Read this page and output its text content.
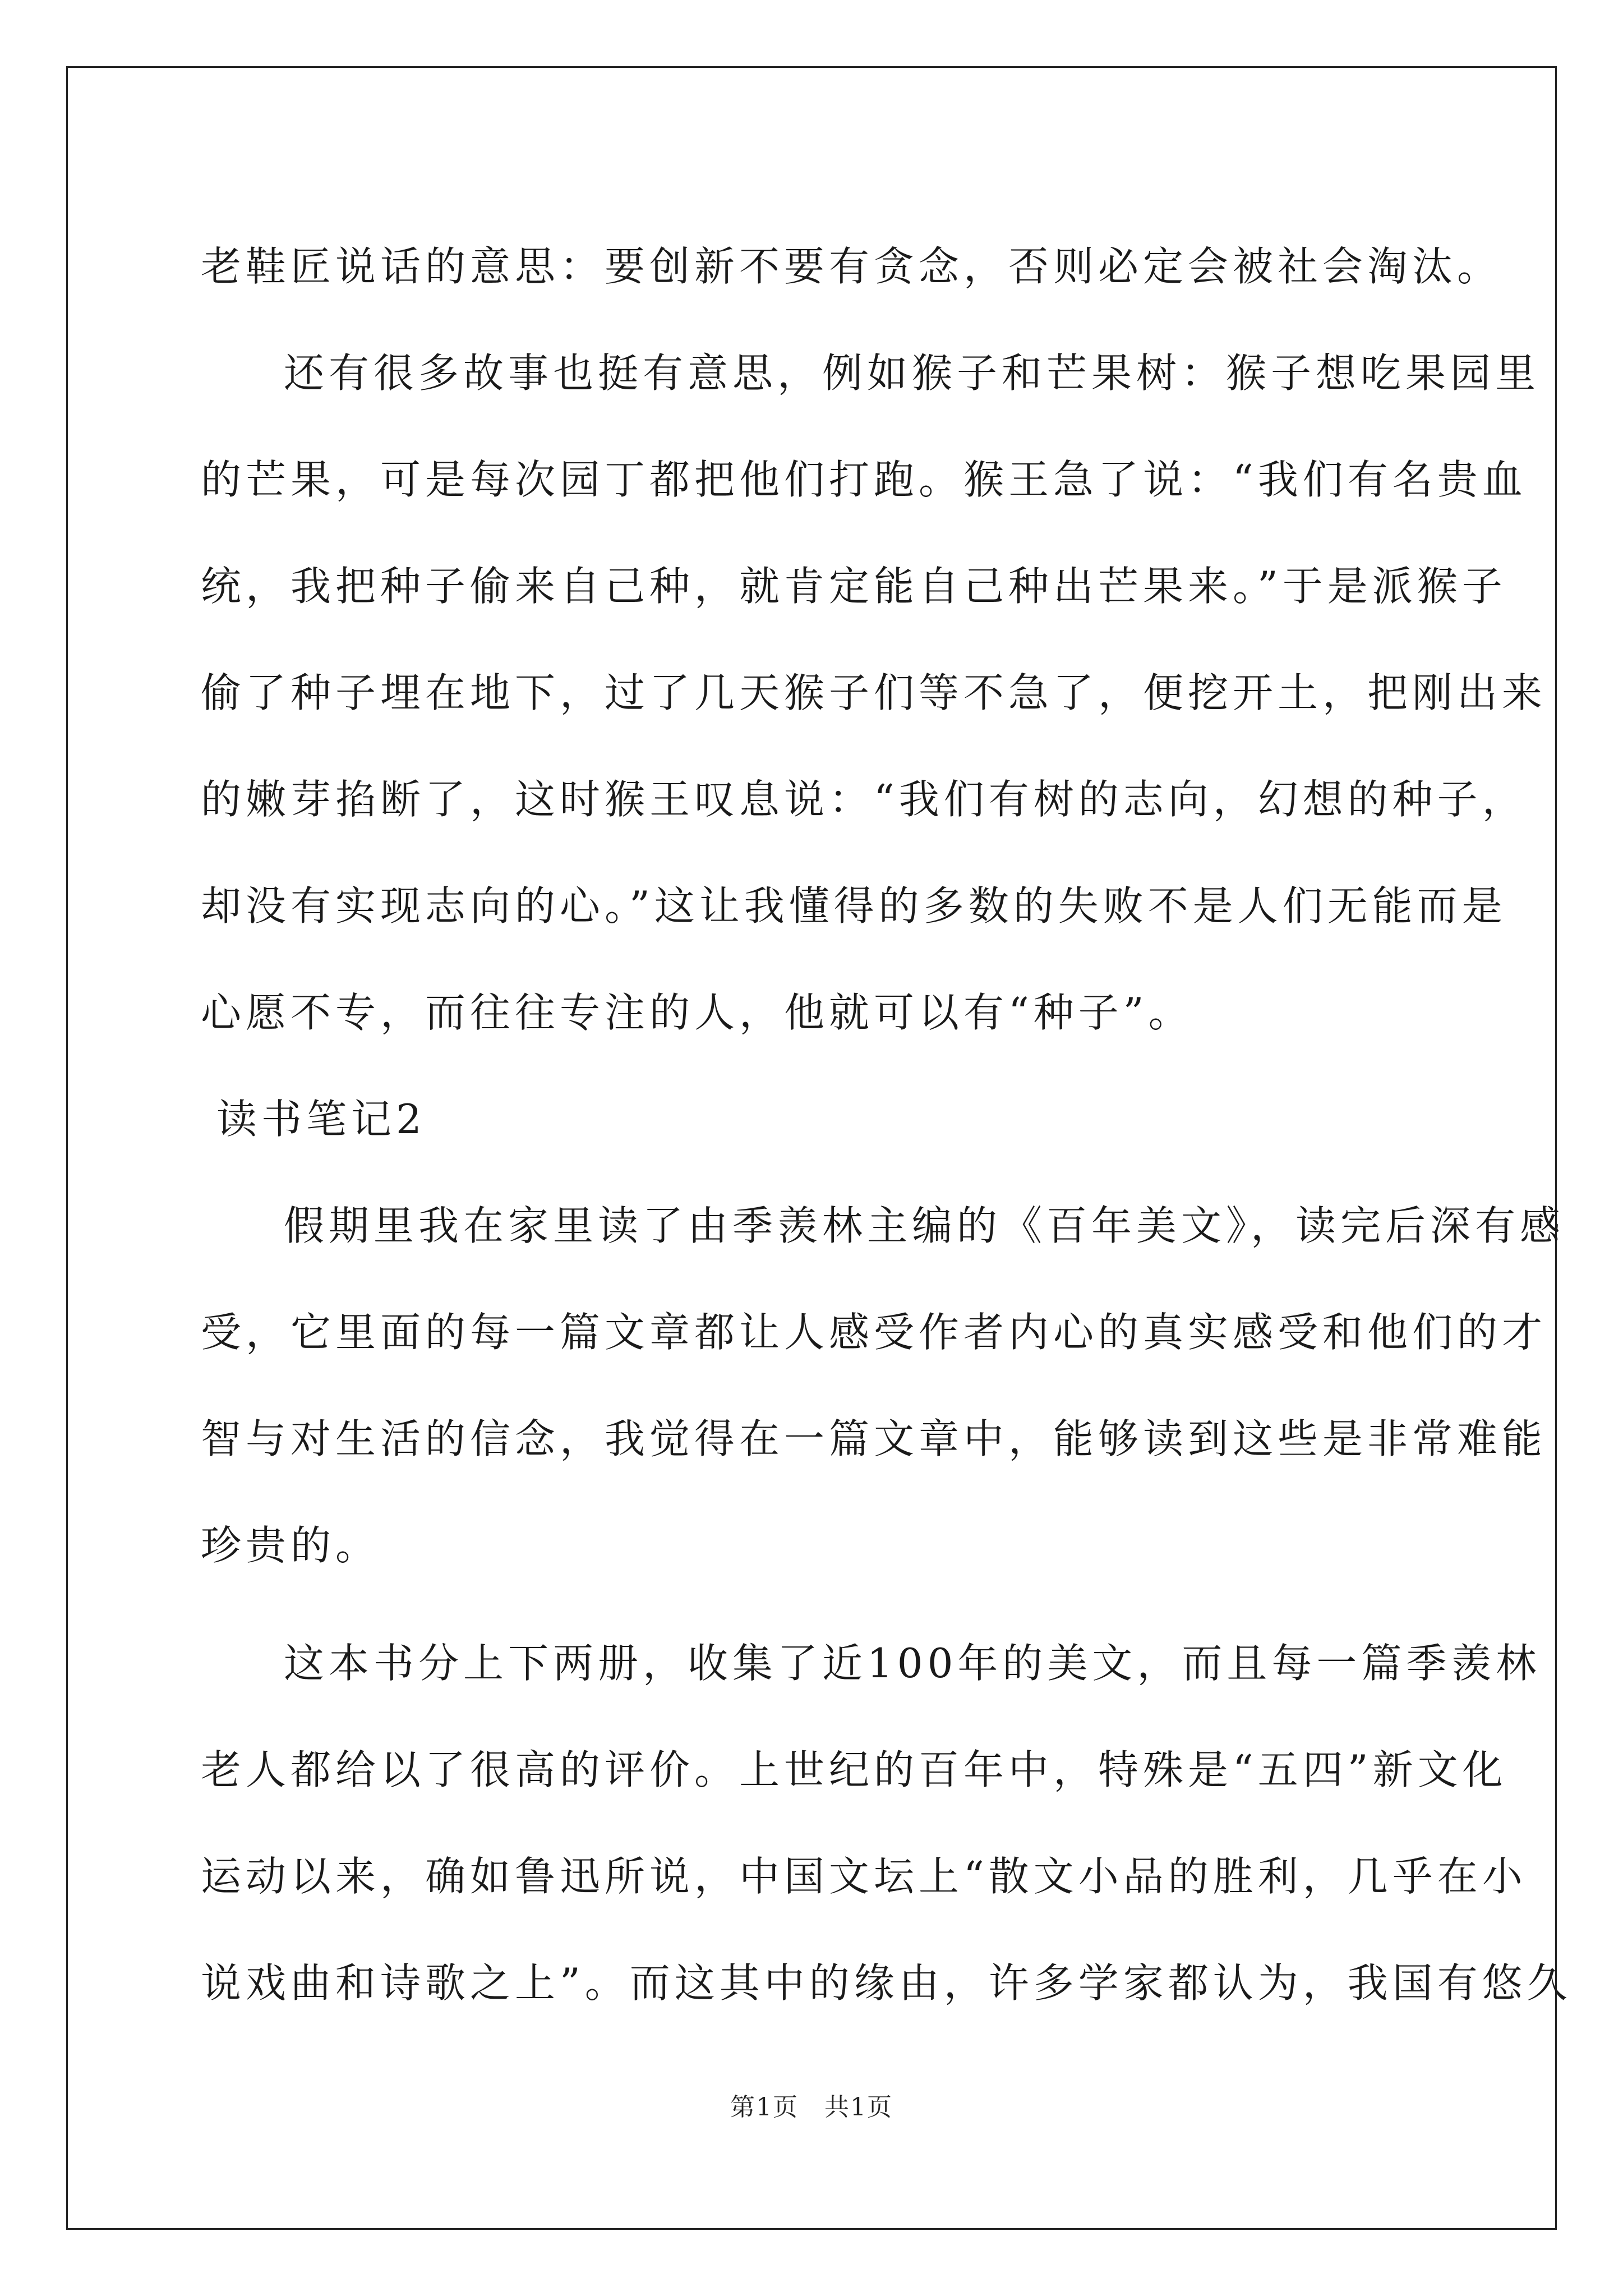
老鞋匠说话的意思：要创新不要有贪念，否则必定会被社会淘汰。
还有很多故事也挺有意思，例如猴子和芒果树：猴子想吃果园里
的芒果，可是每次园丁都把他们打跑。猴王急了说：“我们有名贵血
统，我把种子偷来自己种，就肯定能自己种出芒果来。”于是派猴子
偷了种子埋在地下，过了几天猴子们等不急了，便挖开土，把刚出来
的嫩芽掐断了，这时猴王叹息说：“我们有树的志向，幻想的种子，
却没有实现志向的心。”这让我懂得的多数的失败不是人们无能而是
心愿不专，而往往专注的人，他就可以有“种子”。
读书笔记2
假期里我在家里读了由季羡林主编的《百年美文》，读完后深有感
受，它里面的每一篇文章都让人感受作者内心的真实感受和他们的才
智与对生活的信念，我觉得在一篇文章中，能够读到这些是非常难能
珍贵的。
这本书分上下两册，收集了近100年的美文，而且每一篇季羡林
老人都给以了很高的评价。上世纪的百年中，特殊是“五四”新文化
运动以来，确如鲁迅所说，中国文坛上“散文小品的胜利，几乎在小
说戏曲和诗歌之上”。而这其中的缘由，许多学家都认为，我国有悠久
第1页　共1页
